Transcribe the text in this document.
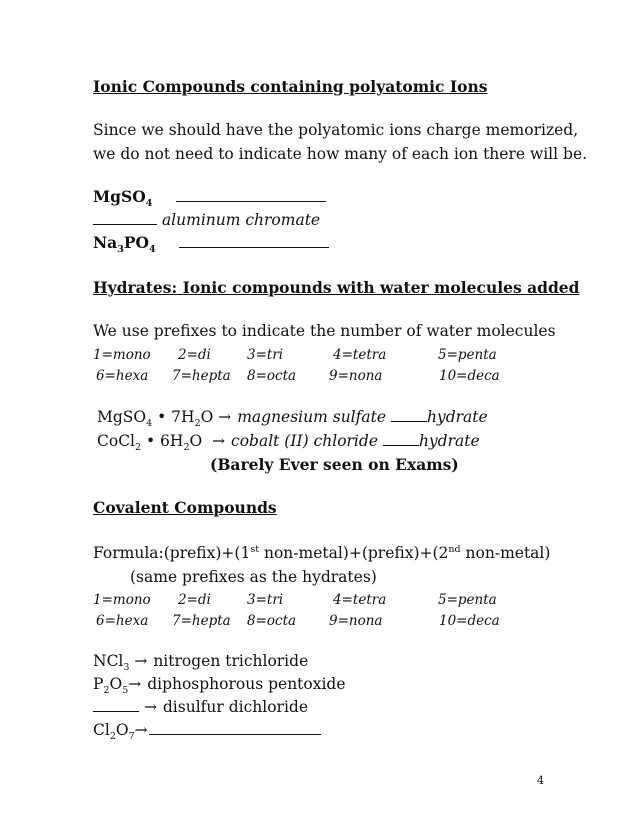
Ionic Compounds containing polyatomic Ions
Since we should have the polyatomic ions charge memorized,
we do not need to indicate how many of each ion there will be.
MgSO$_4$
aluminum chromate
$Na_3PO_4$
Hydrates: Ionic compounds with water molecules added
We use prefixes to indicate the number of water molecules
1=mono 2=di	3=tri	4=tetra	5=penta
6=hexa 7=hepta 8=octa 9=nona	10=deca
MgSO$_4$ • $7H_2O$ → magnesium sulfate	hydrate
CoCl$_2$ • $6H_2O$ → cobalt (II) chloride	hydrate
(Barely Ever seen on Exams)
Covalent Compounds
Formula:(prefix)+(1st non-metal)+(prefix)+(2nd non-metal)
(same prefixes as the hydrates)
1=mono 2=di	3=tri	4=tetra	5=penta
6=hexa 7=hepta 8=octa 9=nona	10=deca
NCl$_3$ → nitrogen trichloride
$P_2O_5\to$ diphosphorous pentoxide
→ disulfur dichloride
$Cl_2O_7\to$
4
